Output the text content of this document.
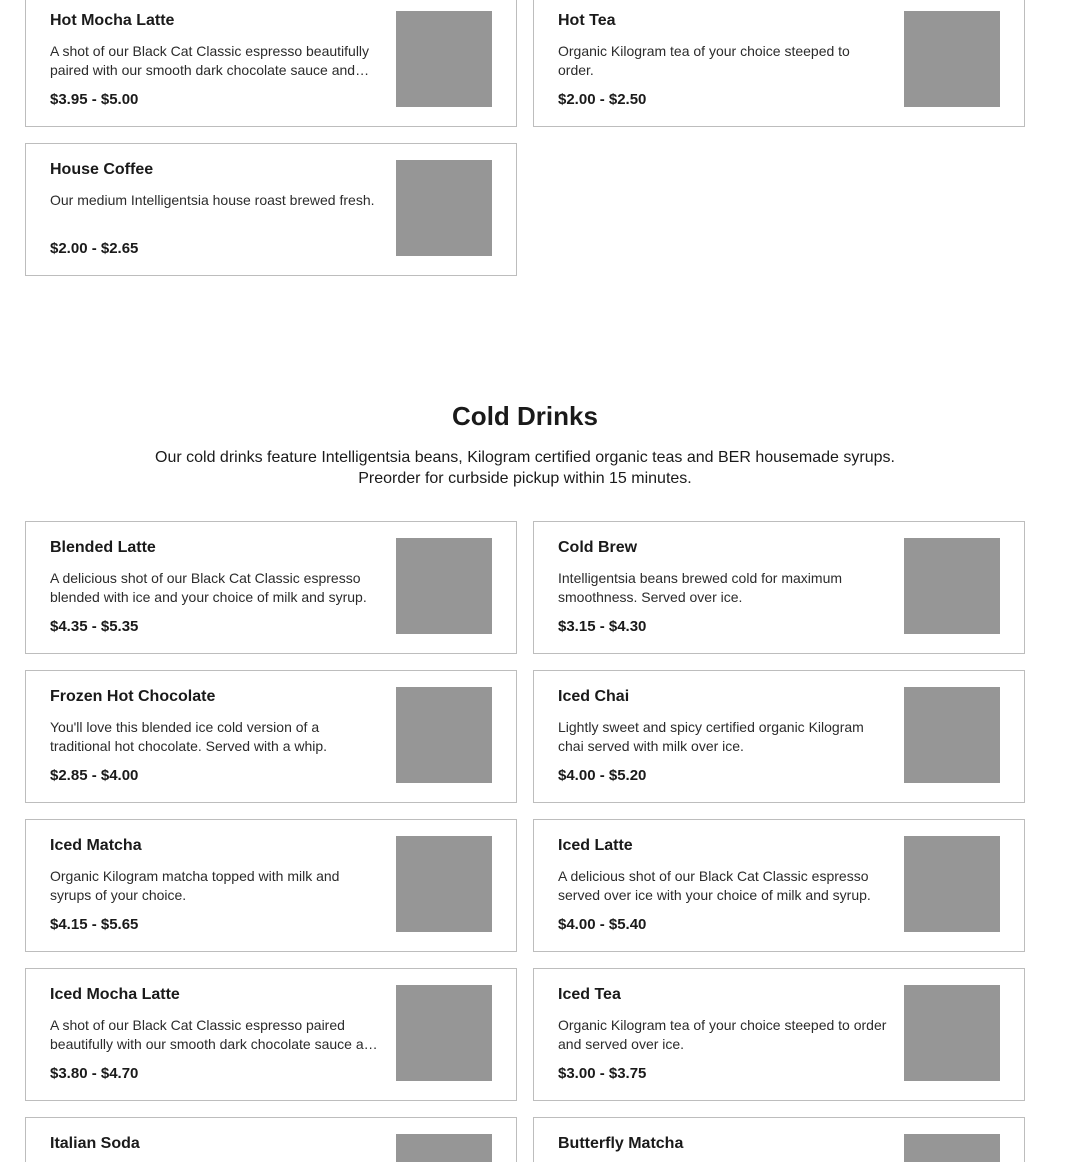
Hot Mocha Latte
A shot of our Black Cat Classic espresso beautifully paired with our smooth dark chocolate sauce and
$3.95 - $5.00
Hot Tea
Organic Kilogram tea of your choice steeped to order.
$2.00 - $2.50
House Coffee
Our medium Intelligentsia house roast brewed fresh.
$2.00 - $2.65
Cold Drinks
Our cold drinks feature Intelligentsia beans, Kilogram certified organic teas and BER housemade syrups.
Preorder for curbside pickup within 15 minutes.
Blended Latte
A delicious shot of our Black Cat Classic espresso blended with ice and your choice of milk and syrup.
$4.35 - $5.35
Cold Brew
Intelligentsia beans brewed cold for maximum smoothness. Served over ice.
$3.15 - $4.30
Frozen Hot Chocolate
You'll love this blended ice cold version of a traditional hot chocolate. Served with a whip.
$2.85 - $4.00
Iced Chai
Lightly sweet and spicy certified organic Kilogram chai served with milk over ice.
$4.00 - $5.20
Iced Matcha
Organic Kilogram matcha topped with milk and syrups of your choice.
$4.15 - $5.65
Iced Latte
A delicious shot of our Black Cat Classic espresso served over ice with your choice of milk and syrup.
$4.00 - $5.40
Iced Mocha Latte
A shot of our Black Cat Classic espresso paired beautifully with our smooth dark chocolate sauce and
$3.80 - $4.70
Iced Tea
Organic Kilogram tea of your choice steeped to order and served over ice.
$3.00 - $3.75
Italian Soda	Butterfly Matcha
